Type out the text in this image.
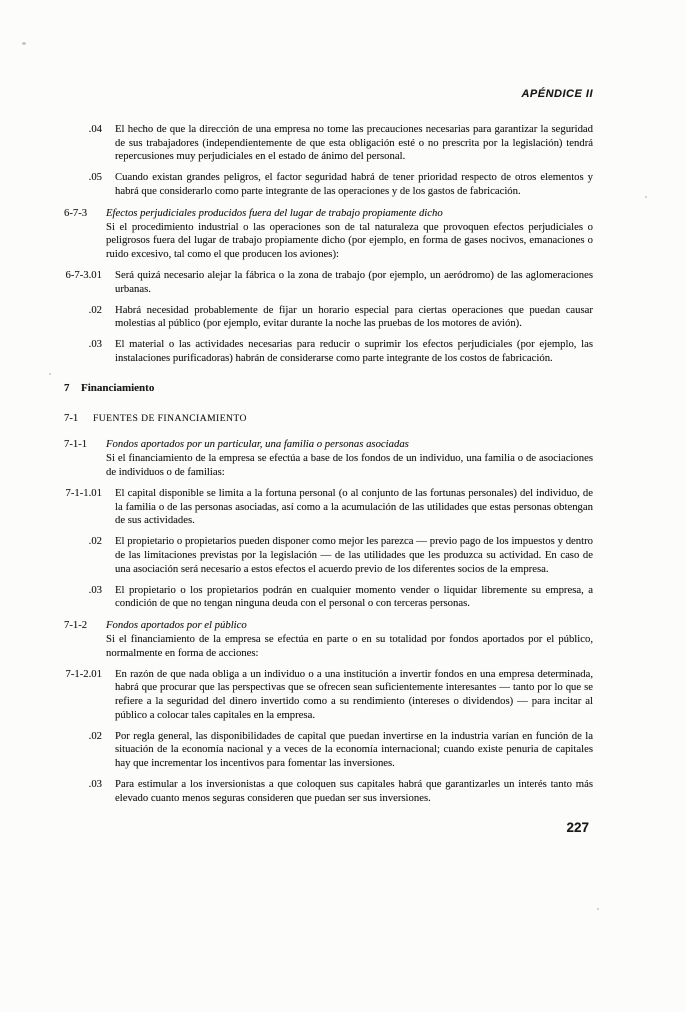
APÉNDICE II
.04	El hecho de que la dirección de una empresa no tome las precauciones necesarias para garantizar la seguridad de sus trabajadores (independientemente de que esta obligación esté o no prescrita por la legislación) tendrá repercusiones muy perjudiciales en el estado de ánimo del personal.
.05	Cuando existan grandes peligros, el factor seguridad habrá de tener prioridad respecto de otros elementos y habrá que considerarlo como parte integrante de las operaciones y de los gastos de fabricación.
6-7-3	Efectos perjudiciales producidos fuera del lugar de trabajo propiamente dicho
Si el procedimiento industrial o las operaciones son de tal naturaleza que provoquen efectos perjudiciales o peligrosos fuera del lugar de trabajo propiamente dicho (por ejemplo, en forma de gases nocivos, emanaciones o ruido excesivo, tal como el que producen los aviones):
6-7-3.01	Será quizá necesario alejar la fábrica o la zona de trabajo (por ejemplo, un aeródromo) de las aglomeraciones urbanas.
.02	Habrá necesidad probablemente de fijar un horario especial para ciertas operaciones que puedan causar molestias al público (por ejemplo, evitar durante la noche las pruebas de los motores de avión).
.03	El material o las actividades necesarias para reducir o suprimir los efectos perjudiciales (por ejemplo, las instalaciones purificadoras) habrán de considerarse como parte integrante de los costos de fabricación.
7	Financiamiento
7-1	FUENTES DE FINANCIAMIENTO
7-1-1	Fondos aportados por un particular, una familia o personas asociadas
Si el financiamiento de la empresa se efectúa a base de los fondos de un individuo, una familia o de asociaciones de individuos o de familias:
7-1-1.01	El capital disponible se limita a la fortuna personal (o al conjunto de las fortunas personales) del individuo, de la familia o de las personas asociadas, así como a la acumulación de las utilidades que estas personas obtengan de sus actividades.
.02	El propietario o propietarios pueden disponer como mejor les parezca — previo pago de los impuestos y dentro de las limitaciones previstas por la legislación — de las utilidades que les produzca su actividad. En caso de una asociación será necesario a estos efectos el acuerdo previo de los diferentes socios de la empresa.
.03	El propietario o los propietarios podrán en cualquier momento vender o liquidar libremente su empresa, a condición de que no tengan ninguna deuda con el personal o con terceras personas.
7-1-2	Fondos aportados por el público
Si el financiamiento de la empresa se efectúa en parte o en su totalidad por fondos aportados por el público, normalmente en forma de acciones:
7-1-2.01	En razón de que nada obliga a un individuo o a una institución a invertir fondos en una empresa determinada, habrá que procurar que las perspectivas que se ofrecen sean suficientemente interesantes — tanto por lo que se refiere a la seguridad del dinero invertido como a su rendimiento (intereses o dividendos) — para incitar al público a colocar tales capitales en la empresa.
.02	Por regla general, las disponibilidades de capital que puedan invertirse en la industria varían en función de la situación de la economía nacional y a veces de la economía internacional; cuando existe penuria de capitales hay que incrementar los incentivos para fomentar las inversiones.
.03	Para estimular a los inversionistas a que coloquen sus capitales habrá que garantizarles un interés tanto más elevado cuanto menos seguras consideren que puedan ser sus inversiones.
227
